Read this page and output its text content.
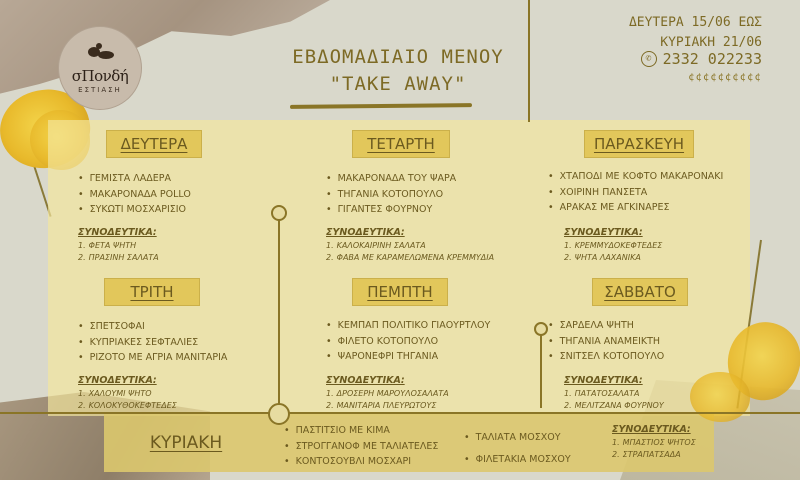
σΠονδή
ΕΣΤΙΑΣΗ
ΕΒΔΟΜΑΔΙΑΙΟ ΜΕΝΟΥ
"TAKE AWAY"
ΔΕΥΤΕΡΑ 15/06 ΕΩΣ
ΚΥΡΙΑΚΗ 21/06
✆ 2332 022233
¢¢¢¢¢¢¢¢¢¢
ΔΕΥΤΕΡΑ
• ΓΕΜΙΣΤΑ ΛΑΔΕΡΑ
• ΜΑΚΑΡΟΝΑΔΑ POLLO
• ΣΥΚΩΤΙ ΜΟΣΧΑΡΙΣΙΟ
ΣΥΝΟΔΕΥΤΙΚΑ:
1. ΦΕΤΑ ΨΗΤΗ
2. ΠΡΑΣΙΝΗ ΣΑΛΑΤΑ
ΤΕΤΑΡΤΗ
• ΜΑΚΑΡΟΝΑΔΑ ΤΟΥ ΨΑΡΑ
• ΤΗΓΑΝΙΑ ΚΟΤΟΠΟΥΛΟ
• ΓΙΓΑΝΤΕΣ ΦΟΥΡΝΟΥ
ΣΥΝΟΔΕΥΤΙΚΑ:
1. ΚΑΛΟΚΑΙΡΙΝΗ ΣΑΛΑΤΑ
2. ΦΑΒΑ ΜΕ ΚΑΡΑΜΕΛΩΜΕΝΑ ΚΡΕΜΜΥΔΙΑ
ΠΑΡΑΣΚΕΥΗ
• ΧΤΑΠΟΔΙ ΜΕ ΚΟΦΤΟ ΜΑΚΑΡΟΝΑΚΙ
• ΧΟΙΡΙΝΗ ΠΑΝΣΕΤΑ
• ΑΡΑΚΑΣ ΜΕ ΑΓΚΙΝΑΡΕΣ
ΣΥΝΟΔΕΥΤΙΚΑ:
1. ΚΡΕΜΜΥΔΟΚΕΦΤΕΔΕΣ
2. ΨΗΤΑ ΛΑΧΑΝΙΚΑ
ΤΡΙΤΗ
• ΣΠΕΤΣΟΦΑΙ
• ΚΥΠΡΙΑΚΕΣ ΣΕΦΤΑΛΙΕΣ
• ΡΙΖΟΤΟ ΜΕ ΑΓΡΙΑ ΜΑΝΙΤΑΡΙΑ
ΣΥΝΟΔΕΥΤΙΚΑ:
1. ΧΑΛΟΥΜΙ ΨΗΤΟ
2. ΚΟΛΟΚΥΘΟΚΕΦΤΕΔΕΣ
ΠΕΜΠΤΗ
• ΚΕΜΠΑΠ ΠΟΛΙΤΙΚΟ ΓΙΑΟΥΡΤΛΟΥ
• ΦΙΛΕΤΟ ΚΟΤΟΠΟΥΛΟ
• ΨΑΡΟΝΕΦΡΙ ΤΗΓΑΝΙΑ
ΣΥΝΟΔΕΥΤΙΚΑ:
1. ΔΡΟΣΕΡΗ ΜΑΡΟΥΛΟΣΑΛΑΤΑ
2. ΜΑΝΙΤΑΡΙΑ ΠΛΕΥΡΩΤΟΥΣ
ΣΑΒΒΑΤΟ
• ΣΑΡΔΕΛΑ ΨΗΤΗ
• ΤΗΓΑΝΙΑ ΑΝΑΜΕΙΚΤΗ
• ΣΝΙΤΣΕΛ ΚΟΤΟΠΟΥΛΟ
ΣΥΝΟΔΕΥΤΙΚΑ:
1. ΠΑΤΑΤΟΣΑΛΑΤΑ
2. ΜΕΛΙΤΖΑΝΑ ΦΟΥΡΝΟΥ
ΚΥΡΙΑΚΗ
• ΠΑΣΤΙΤΣΙΟ ΜΕ ΚΙΜΑ
• ΣΤΡΟΓΓΑΝΟΦ ΜΕ ΤΑΛΙΑΤΕΛΕΣ
• ΚΟΝΤΟΣΟΥΒΛΙ ΜΟΣΧΑΡΙ
• ΤΑΛΙΑΤΑ ΜΟΣΧΟΥ
• ΦΙΛΕΤΑΚΙΑ ΜΟΣΧΟΥ
ΣΥΝΟΔΕΥΤΙΚΑ:
1. ΜΠΑΣΤΙΟΣ ΨΗΤΟΣ
2. ΣΤΡΑΠΑΤΣΑΔΑ
